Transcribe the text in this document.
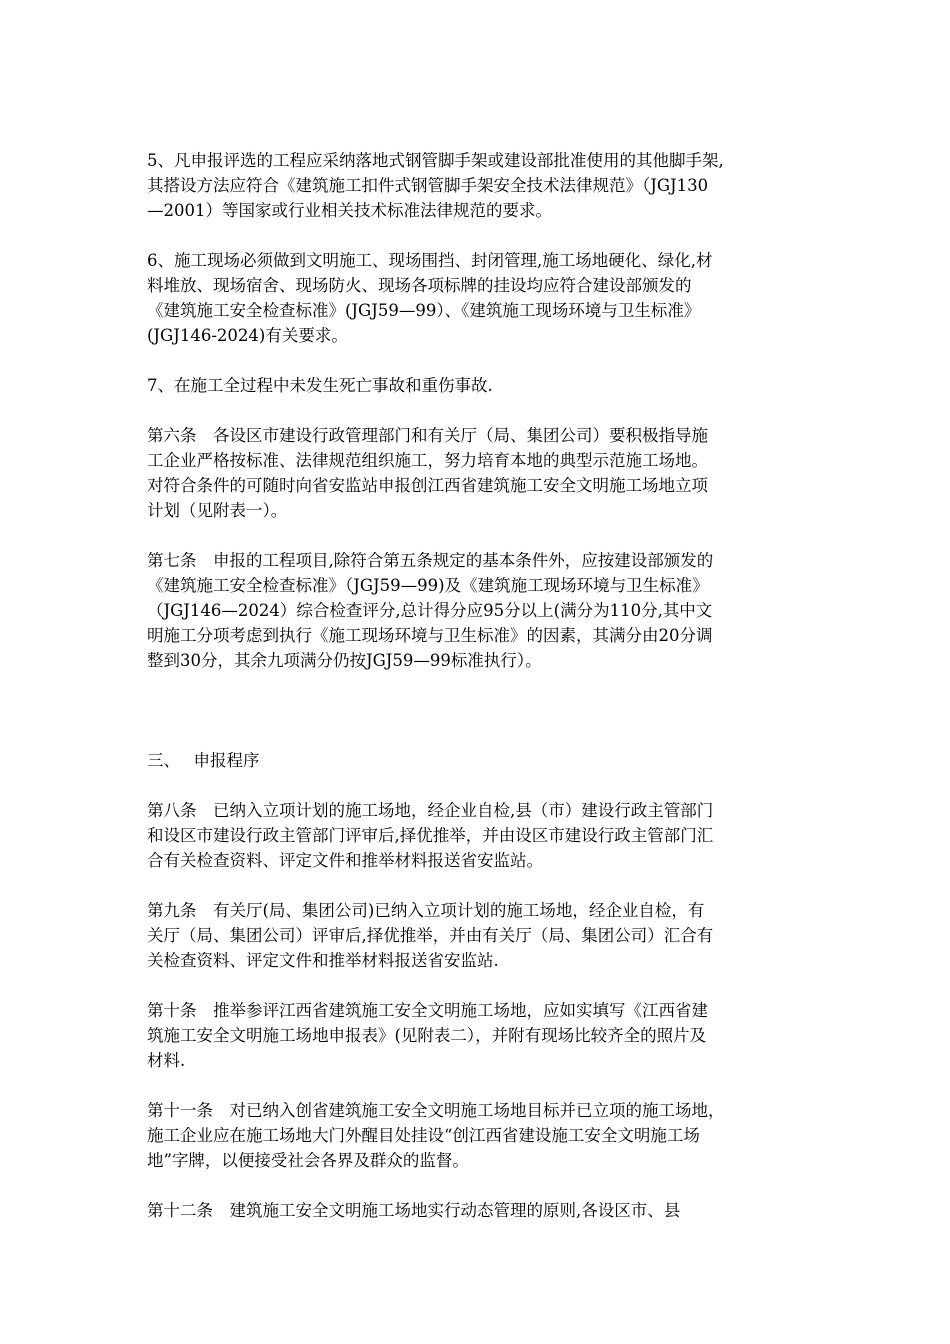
5、凡申报评选的工程应采纳落地式钢管脚手架或建设部批准使用的其他脚手架,
其搭设方法应符合《建筑施工扣件式钢管脚手架安全技术法律规范》（JGJ130
—2001）等国家或行业相关技术标准法律规范的要求。
6、施工现场必须做到文明施工、现场围挡、封闭管理,施工场地硬化、绿化,材
料堆放、现场宿舍、现场防火、现场各项标牌的挂设均应符合建设部颁发的
《建筑施工安全检查标准》(JGJ59—99）、《建筑施工现场环境与卫生标准》
(JGJ146-2024)有关要求。
7、在施工全过程中未发生死亡事故和重伤事故.
第六条　各设区市建设行政管理部门和有关厅（局、集团公司）要积极指导施
工企业严格按标准、法律规范组织施工，努力培育本地的典型示范施工场地。
对符合条件的可随时向省安监站申报创江西省建筑施工安全文明施工场地立项
计划（见附表一）。
第七条　申报的工程项目,除符合第五条规定的基本条件外，应按建设部颁发的
《建筑施工安全检查标准》（JGJ59—99)及《建筑施工现场环境与卫生标准》
（JGJ146—2024）综合检查评分,总计得分应95分以上(满分为110分,其中文
明施工分项考虑到执行《施工现场环境与卫生标准》的因素，其满分由20分调
整到30分，其余九项满分仍按JGJ59—99标准执行）。
三、　 申报程序
第八条　已纳入立项计划的施工场地，经企业自检,县（市）建设行政主管部门
和设区市建设行政主管部门评审后,择优推举，并由设区市建设行政主管部门汇
合有关检查资料、评定文件和推举材料报送省安监站。
第九条　有关厅(局、集团公司)已纳入立项计划的施工场地，经企业自检，有
关厅（局、集团公司）评审后,择优推举，并由有关厅（局、集团公司）汇合有
关检查资料、评定文件和推举材料报送省安监站.
第十条　推举参评江西省建筑施工安全文明施工场地，应如实填写《江西省建
筑施工安全文明施工场地申报表》(见附表二），并附有现场比较齐全的照片及
材料.
第十一条　对已纳入创省建筑施工安全文明施工场地目标并已立项的施工场地，
施工企业应在施工场地大门外醒目处挂设“创江西省建设施工安全文明施工场
地”字牌，以便接受社会各界及群众的监督。
第十二条　建筑施工安全文明施工场地实行动态管理的原则,各设区市、县
